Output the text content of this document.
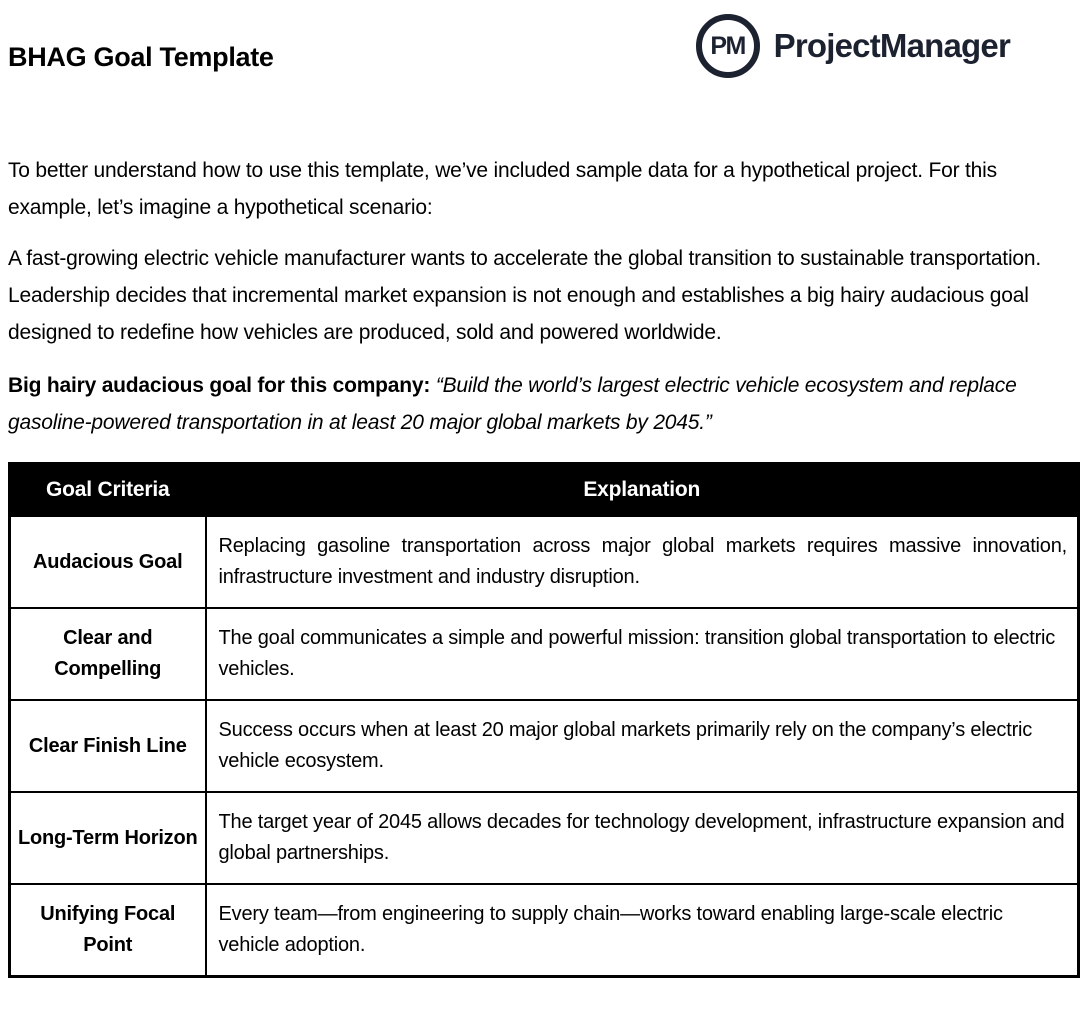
BHAG Goal Template	PM ProjectManager

To better understand how to use this template, we’ve included sample data for a hypothetical project. For this example, let’s imagine a hypothetical scenario:

A fast-growing electric vehicle manufacturer wants to accelerate the global transition to sustainable transportation. Leadership decides that incremental market expansion is not enough and establishes a big hairy audacious goal designed to redefine how vehicles are produced, sold and powered worldwide.

Big hairy audacious goal for this company: “Build the world’s largest electric vehicle ecosystem and replace gasoline-powered transportation in at least 20 major global markets by 2045.”

Goal Criteria	Explanation
Audacious Goal	Replacing gasoline transportation across major global markets requires massive innovation, infrastructure investment and industry disruption.
Clear and Compelling	The goal communicates a simple and powerful mission: transition global transportation to electric vehicles.
Clear Finish Line	Success occurs when at least 20 major global markets primarily rely on the company’s electric vehicle ecosystem.
Long-Term Horizon	The target year of 2045 allows decades for technology development, infrastructure expansion and global partnerships.
Unifying Focal Point	Every team—from engineering to supply chain—works toward enabling large-scale electric vehicle adoption.
